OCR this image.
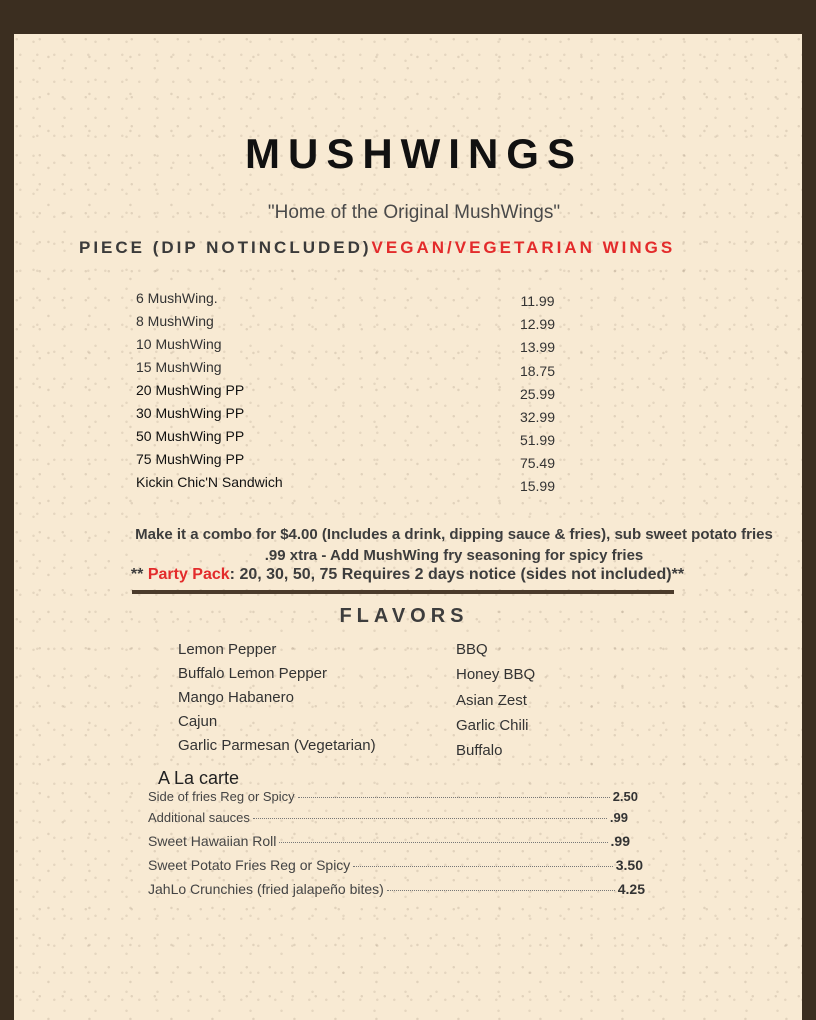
MUSHWINGS
"Home of the Original MushWings"
PIECE (DIP NOTINCLUDED)VEGAN/VEGETARIAN WINGS
6 MushWing.	11.99
8 MushWing	12.99
10 MushWing	13.99
15 MushWing	18.75
20 MushWing PP	25.99
30 MushWing PP	32.99
50 MushWing PP	51.99
75 MushWing PP	75.49
Kickin Chic'N Sandwich	15.99
Make it a combo for $4.00 (Includes a drink, dipping sauce & fries), sub sweet potato fries .99 xtra - Add MushWing fry seasoning for spicy fries
** Party Pack: 20, 30, 50, 75 Requires 2 days notice (sides not included)**
FLAVORS
Lemon Pepper
Buffalo Lemon Pepper
Mango Habanero
Cajun
Garlic Parmesan (Vegetarian)
BBQ
Honey BBQ
Asian Zest
Garlic Chili
Buffalo
A La carte
Side of fries Reg or Spicy	2.50
Additional sauces	.99
Sweet Hawaiian Roll	.99
Sweet Potato Fries Reg or Spicy	3.50
JahLo Crunchies (fried jalapeño bites)	4.25
